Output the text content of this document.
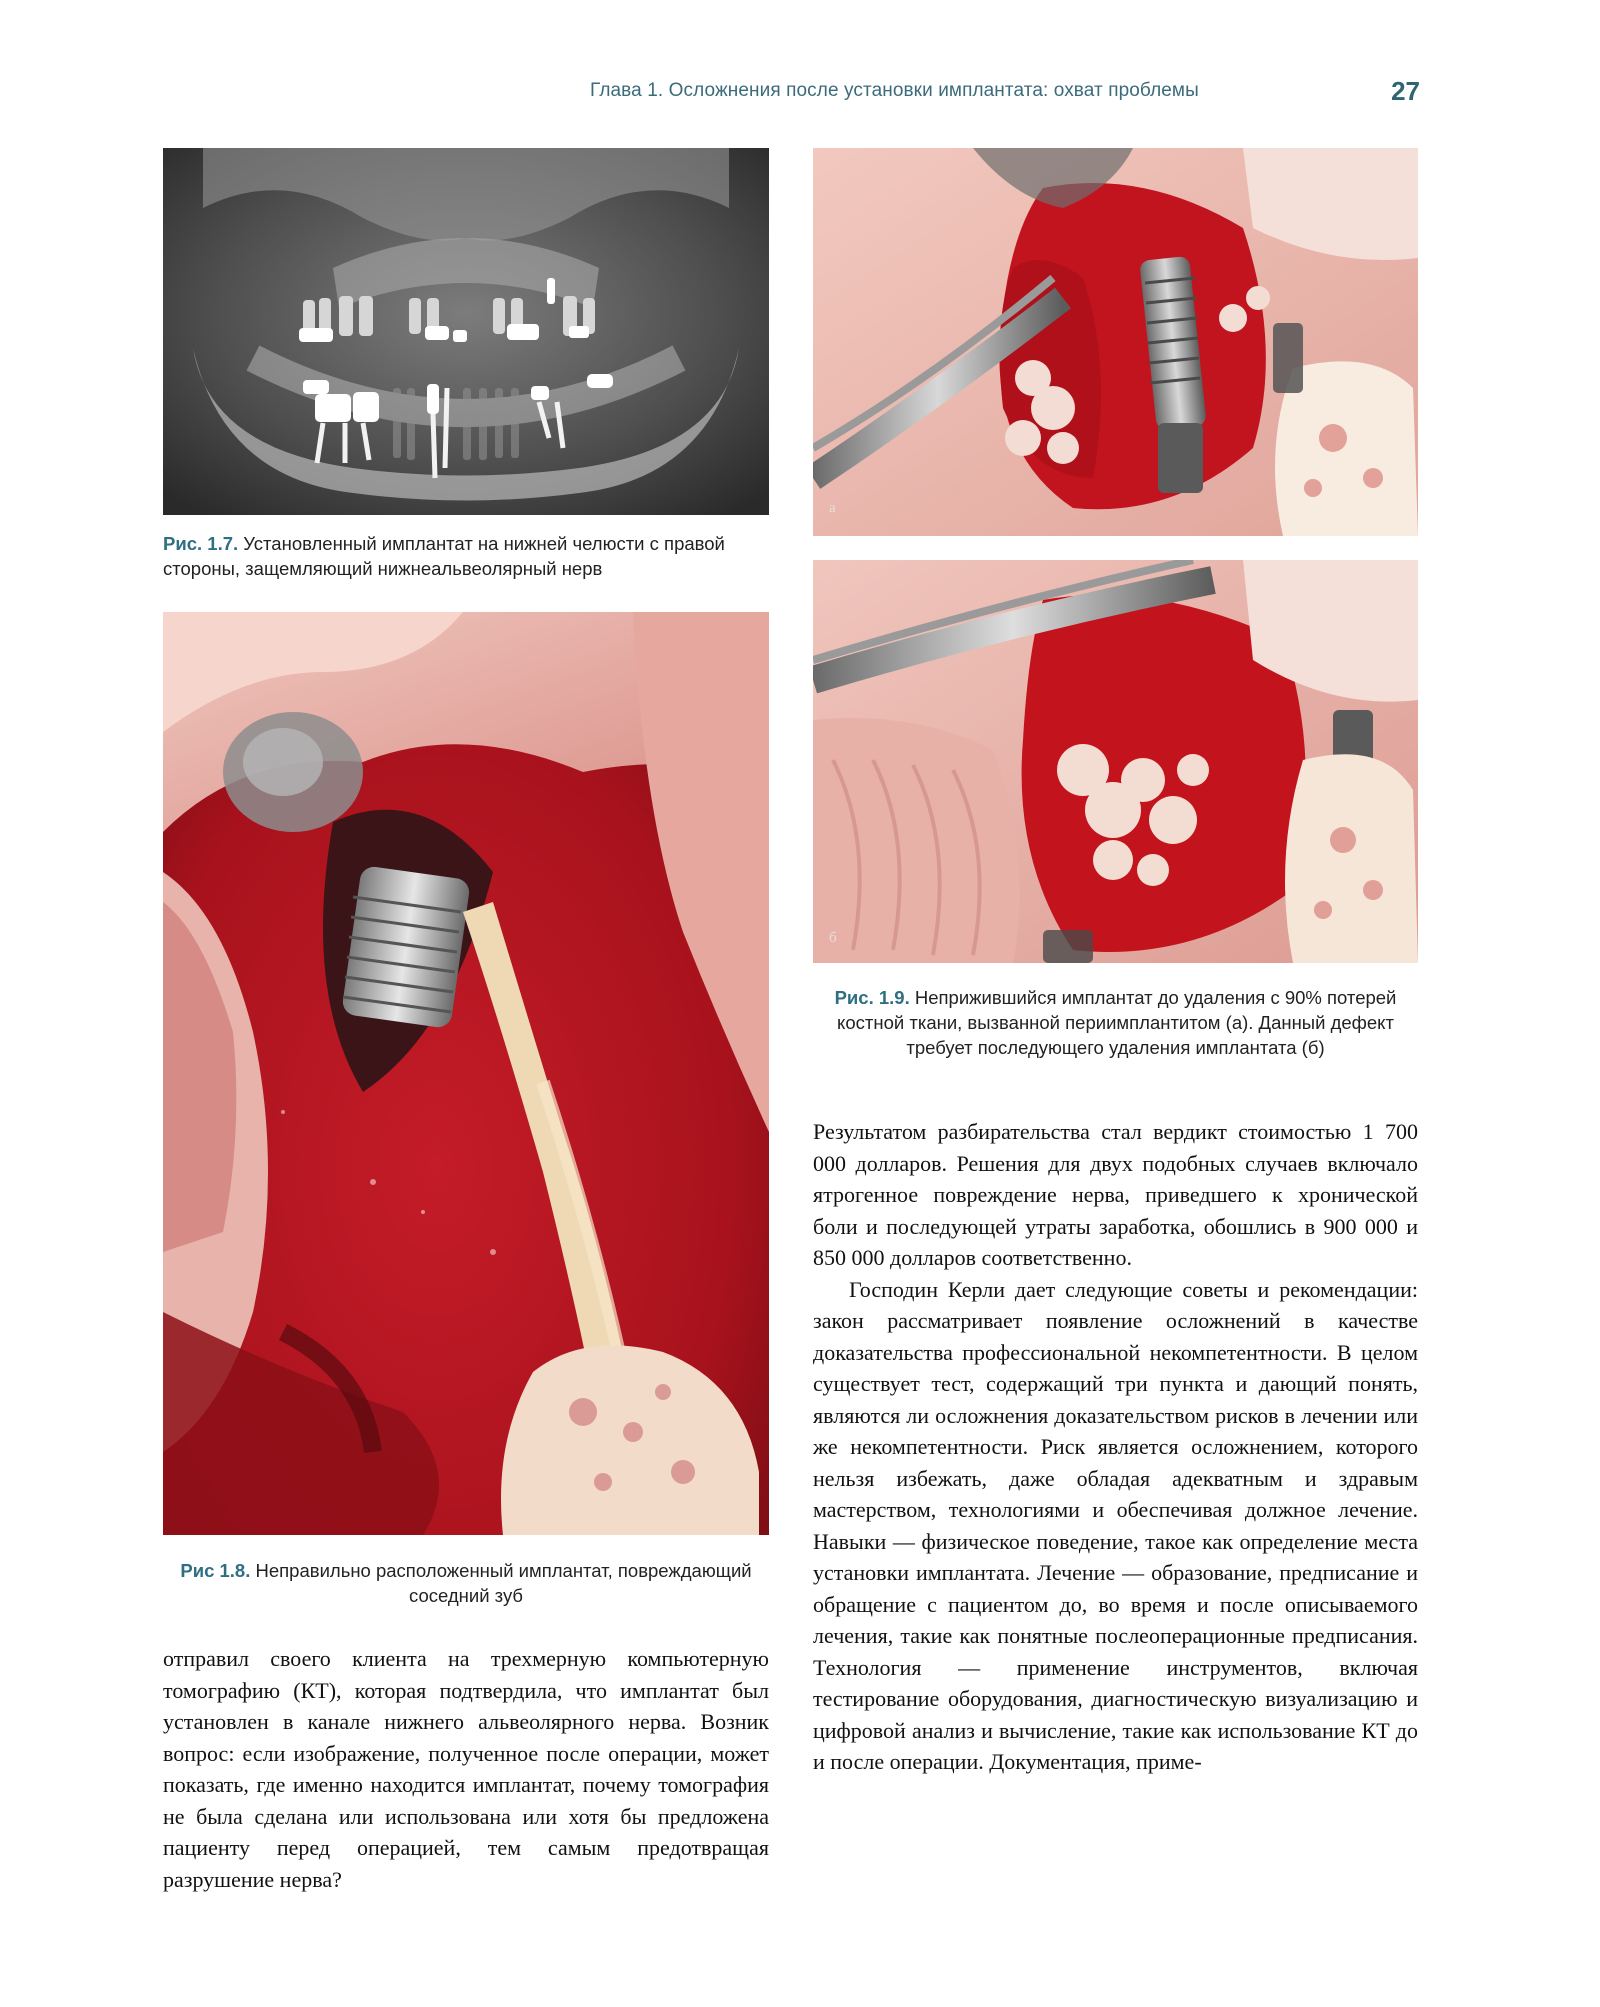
Глава 1. Осложнения после установки имплантата: охват проблемы	27
Рис. 1.7. Установленный имплантат на нижней челюсти с правой стороны, защемляющий нижнеальвеолярный нерв
Рис 1.8. Неправильно расположенный имплантат, повреждающий соседний зуб

отправил своего клиента на трехмерную компьютерную томографию (КТ), которая подтвердила, что имплантат был установлен в канале нижнего альвеолярного нерва. Возник вопрос: если изображение, полученное после операции, может показать, где именно находится имплантат, почему томография не была сделана или использована или хотя бы предложена пациенту перед операцией, тем самым предотвращая разрушение нерва?

а
б
Рис. 1.9. Неприжившийся имплантат до удаления с 90% потерей костной ткани, вызванной периимплантитом (а). Данный дефект требует последующего удаления имплантата (б)

Результатом разбирательства стал вердикт стоимостью 1 700 000 долларов. Решения для двух подобных случаев включало ятрогенное повреждение нерва, приведшего к хронической боли и последующей утраты заработка, обошлись в 900 000 и 850 000 долларов соответственно.

Господин Керли дает следующие советы и рекомендации: закон рассматривает появление осложнений в качестве доказательства профессиональной некомпетентности. В целом существует тест, содержащий три пункта и дающий понять, являются ли осложнения доказательством рисков в лечении или же некомпетентности. Риск является осложнением, которого нельзя избежать, даже обладая адекватным и здравым мастерством, технологиями и обеспечивая должное лечение. Навыки — физическое поведение, такое как определение места установки имплантата. Лечение — образование, предписание и обращение с пациентом до, во время и после описываемого лечения, такие как понятные послеоперационные предписания. Технология — применение инструментов, включая тестирование оборудования, диагностическую визуализацию и цифровой анализ и вычисление, такие как использование КТ до и после операции. Документация, приме-
